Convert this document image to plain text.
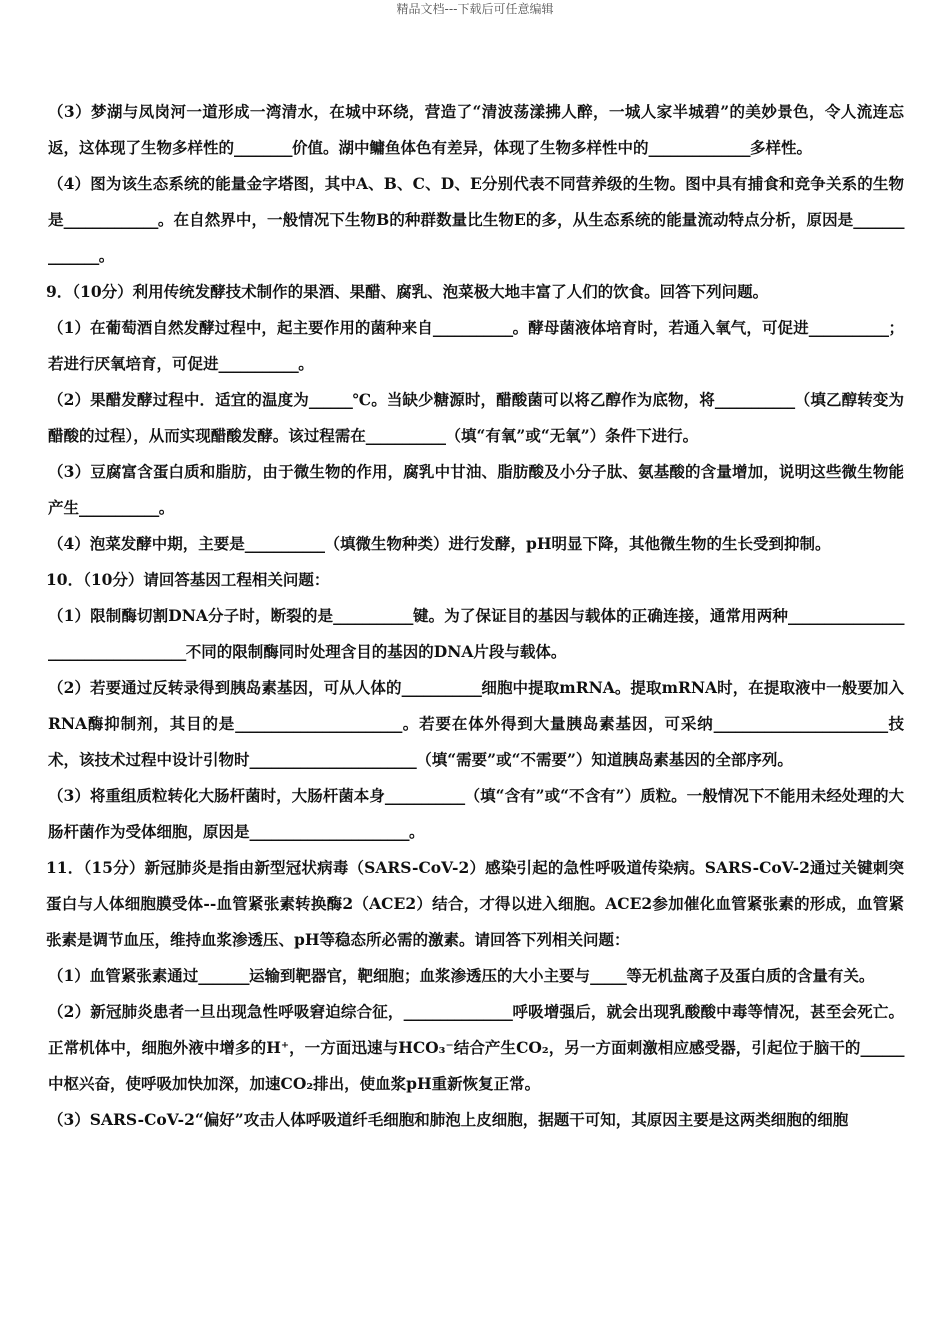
精品文档---下载后可任意编辑

（3）梦湖与凤岗河一道形成一湾清水，在城中环绕，营造了“清波荡漾拂人醉，一城人家半城碧”的美妙景色，令人流连忘返，这体现了生物多样性的________价值。湖中鳙鱼体色有差异，体现了生物多样性中的______________多样性。

（4）图为该生态系统的能量金字塔图，其中A、B、C、D、E分别代表不同营养级的生物。图中具有捕食和竞争关系的生物是_____________。在自然界中，一般情况下生物B的种群数量比生物E的多，从生态系统的能量流动特点分析，原因是______________。

9．（10分）利用传统发酵技术制作的果酒、果醋、腐乳、泡菜极大地丰富了人们的饮食。回答下列问题。

（1）在葡萄酒自然发酵过程中，起主要作用的菌种来自___________。酵母菌液体培育时，若通入氧气，可促进___________；若进行厌氧培育，可促进___________。

（2）果醋发酵过程中．适宜的温度为______℃。当缺少糖源时，醋酸菌可以将乙醇作为底物，将___________（填乙醇转变为醋酸的过程），从而实现醋酸发酵。该过程需在___________（填“有氧”或“无氧”）条件下进行。

（3）豆腐富含蛋白质和脂肪，由于微生物的作用，腐乳中甘油、脂肪酸及小分子肽、氨基酸的含量增加，说明这些微生物能产生___________。

（4）泡菜发酵中期，主要是___________（填微生物种类）进行发酵，pH明显下降，其他微生物的生长受到抑制。

10．（10分）请回答基因工程相关问题：

（1）限制酶切割DNA分子时，断裂的是___________键。为了保证目的基因与载体的正确连接，通常用两种___________________________________不同的限制酶同时处理含目的基因的DNA片段与载体。

（2）若要通过反转录得到胰岛素基因，可从人体的___________细胞中提取mRNA。提取mRNA时，在提取液中一般要加入RNA酶抑制剂，其目的是_______________________。若要在体外得到大量胰岛素基因，可采纳________________________技术，该技术过程中设计引物时_______________________（填“需要”或“不需要”）知道胰岛素基因的全部序列。

（3）将重组质粒转化大肠杆菌时，大肠杆菌本身___________（填“含有”或“不含有”）质粒。一般情况下不能用未经处理的大肠杆菌作为受体细胞，原因是______________________。

11．（15分）新冠肺炎是指由新型冠状病毒（SARS-CoV-2）感染引起的急性呼吸道传染病。SARS-CoV-2通过关键刺突蛋白与人体细胞膜受体--血管紧张素转换酶2（ACE2）结合，才得以进入细胞。ACE2参加催化血管紧张素的形成，血管紧张素是调节血压，维持血浆渗透压、pH等稳态所必需的激素。请回答下列相关问题：

（1）血管紧张素通过_______运输到靶器官，靶细胞；血浆渗透压的大小主要与_____等无机盐离子及蛋白质的含量有关。

（2）新冠肺炎患者一旦出现急性呼吸窘迫综合征，_______________呼吸增强后，就会出现乳酸酸中毒等情况，甚至会死亡。正常机体中，细胞外液中增多的H⁺，一方面迅速与HCO₃⁻结合产生CO₂，另一方面刺激相应感受器，引起位于脑干的______中枢兴奋，使呼吸加快加深，加速CO₂排出，使血浆pH重新恢复正常。

（3）SARS-CoV-2“偏好”攻击人体呼吸道纤毛细胞和肺泡上皮细胞，据题干可知，其原因主要是这两类细胞的细胞
